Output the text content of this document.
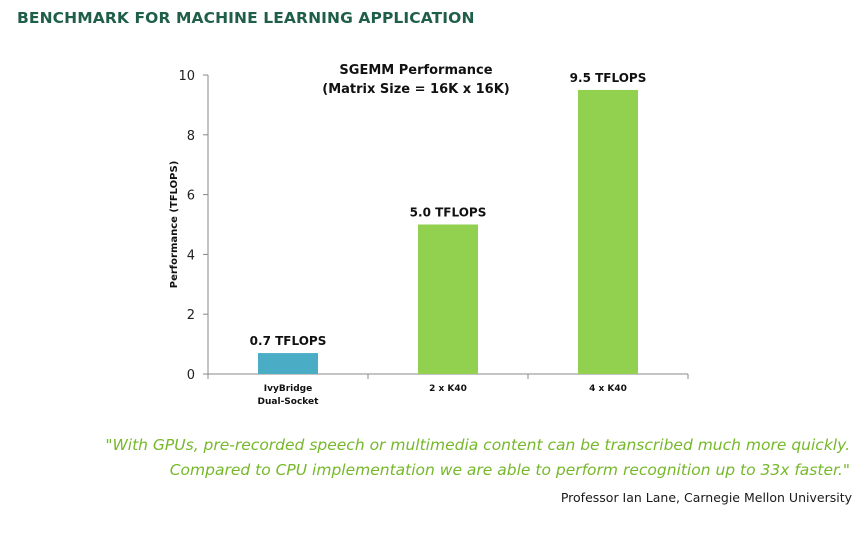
BENCHMARK FOR MACHINE LEARNING APPLICATION
0
2
4
6
8
10
Performance (TFLOPS)
SGEMM Performance
(Matrix Size = 16K x 16K)
0.7 TFLOPS
IvyBridge
Dual-Socket
5.0 TFLOPS
2 x K40
9.5 TFLOPS
4 x K40
"With GPUs, pre-recorded speech or multimedia content can be transcribed much more quickly.
Compared to CPU implementation we are able to perform recognition up to 33x faster."
Professor Ian Lane, Carnegie Mellon University
